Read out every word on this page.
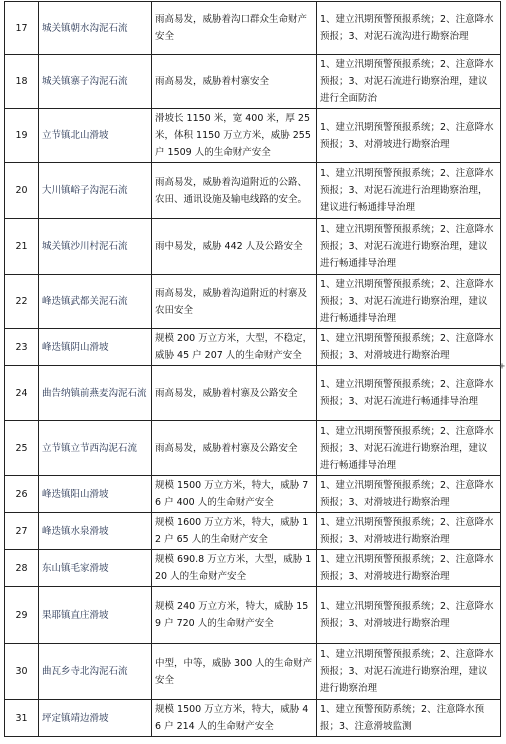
17	城关镇朝水沟泥石流	雨高易发，威胁着沟口群众生命财产安全	1、建立汛期预警预报系统；2、注意降水预报；3、对泥石流沟进行勘察治理
18	城关镇寨子沟泥石流	雨高易发，威胁着村寨安全	1、建立汛期预警预报系统；2、注意降水预报；3、对泥石流进行勘察治理，建议进行全面防治
19	立节镇北山滑坡	滑坡长 1150 米，宽 400 米，厚 25 米，体积 1150 万立方米，威胁 255 户 1509 人的生命财产安全	1、建立汛期预警预报系统；2、注意降水预报；3、对滑坡进行勘察治理
20	大川镇峪子沟泥石流	雨高易发，威胁着沟道附近的公路、农田、通讯设施及输电线路的安全。	1、建立汛期预警预报系统；2、注意降水预报；3、对泥石流进行治理勘察治理，建议进行畅通排导治理
21	城关镇沙川村泥石流	雨中易发，威胁 442 人及公路安全	1、建立汛期预警预报系统；2、注意降水预报；3、对泥石流进行勘察治理，建议进行畅通排导治理
22	峰迭镇武都关泥石流	雨高易发，威胁着沟道附近的村寨及农田安全	1、建立汛期预警预报系统；2、注意降水预报；3、对泥石流进行勘察治理，建议进行畅通排导治理
23	峰迭镇阴山滑坡	规模 200 万立方米，大型，不稳定，威胁 45 户 207 人的生命财产安全	1、建立汛期预警预报系统；2、注意降水预报；3、对滑坡进行勘察治理
24	曲告纳镇前燕麦沟泥石流	雨高易发，威胁着村寨及公路安全	1、建立汛期预警预报系统；2、注意降水预报；3、对泥石流进行畅通排导治理
25	立节镇立节西沟泥石流	雨高易发，威胁着村寨及公路安全	1、建立汛期预警预报系统；2、注意降水预报；3、对泥石流进行勘察治理，建议进行畅通排导治理
26	峰迭镇阳山滑坡	规模 1500 万立方米，特大，威胁 76 户 400 人的生命财产安全	1、建立汛期预警预报系统；2、注意降水预报；3、对滑坡进行勘察治理
27	峰迭镇水泉滑坡	规模 1600 万立方米，特大，威胁 12 户 65 人的生命财产安全	1、建立汛期预警预报系统；2、注意降水预报；3、对滑坡进行勘察治理
28	东山镇毛家滑坡	规模 690.8 万立方米，大型，威胁 120 人的生命财产安全	1、建立汛期预警预报系统；2、注意降水预报；3、对滑坡进行勘察治理
29	果耶镇直庄滑坡	规模 240 万立方米，特大，威胁 159 户 720 人的生命财产安全	1、建立汛期预警预报系统；2、注意降水预报；3、对滑坡进行勘察治理
30	曲瓦乡寺北沟泥石流	中型，中等，威胁 300 人的生命财产安全	1、建立汛期预警预报系统；2、注意降水预报；3、对泥石流进行勘察治理，建议进行勘察治理
31	坪定镇靖边滑坡	规模 1500 万立方米，特大，威胁 46 户 214 人的生命财产安全	1、建立预警预防系统；2、注意降水预报；3、注意滑坡监测
+
